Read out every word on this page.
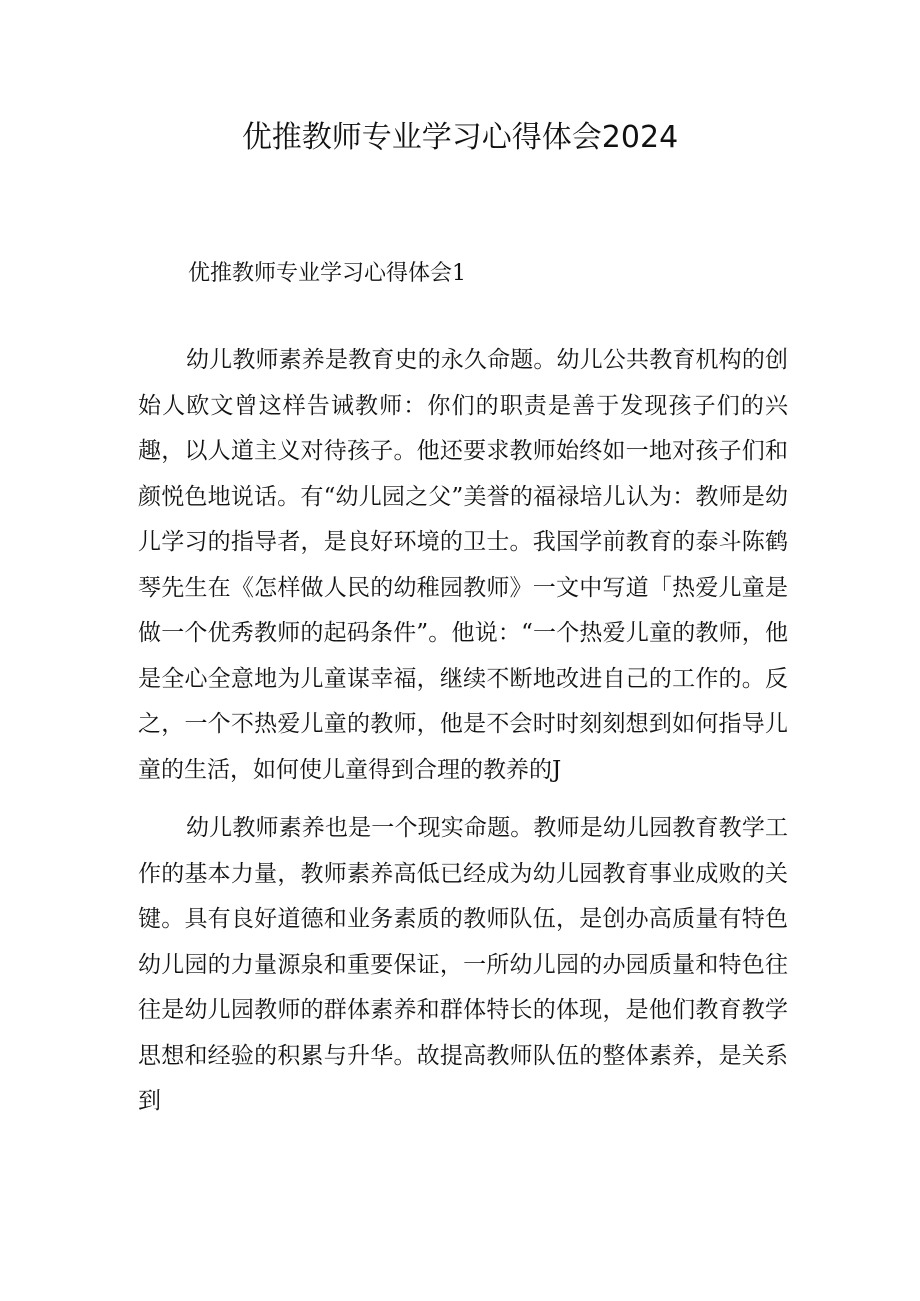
优推教师专业学习心得体会2024
优推教师专业学习心得体会1

幼儿教师素养是教育史的永久命题。幼儿公共教育机构的创始人欧文曾这样告诫教师：你们的职责是善于发现孩子们的兴趣，以人道主义对待孩子。他还要求教师始终如一地对孩子们和颜悦色地说话。有“幼儿园之父”美誉的福禄培儿认为：教师是幼儿学习的指导者，是良好环境的卫士。我国学前教育的泰斗陈鹤琴先生在《怎样做人民的幼稚园教师》一文中写道「热爱儿童是做一个优秀教师的起码条件”。他说：“一个热爱儿童的教师，他是全心全意地为儿童谋幸福，继续不断地改进自己的工作的。反之，一个不热爱儿童的教师，他是不会时时刻刻想到如何指导儿童的生活，如何使儿童得到合理的教养的J

幼儿教师素养也是一个现实命题。教师是幼儿园教育教学工作的基本力量，教师素养高低已经成为幼儿园教育事业成败的关键。具有良好道德和业务素质的教师队伍，是创办高质量有特色幼儿园的力量源泉和重要保证，一所幼儿园的办园质量和特色往往是幼儿园教师的群体素养和群体特长的体现，是他们教育教学思想和经验的积累与升华。故提高教师队伍的整体素养，是关系到
